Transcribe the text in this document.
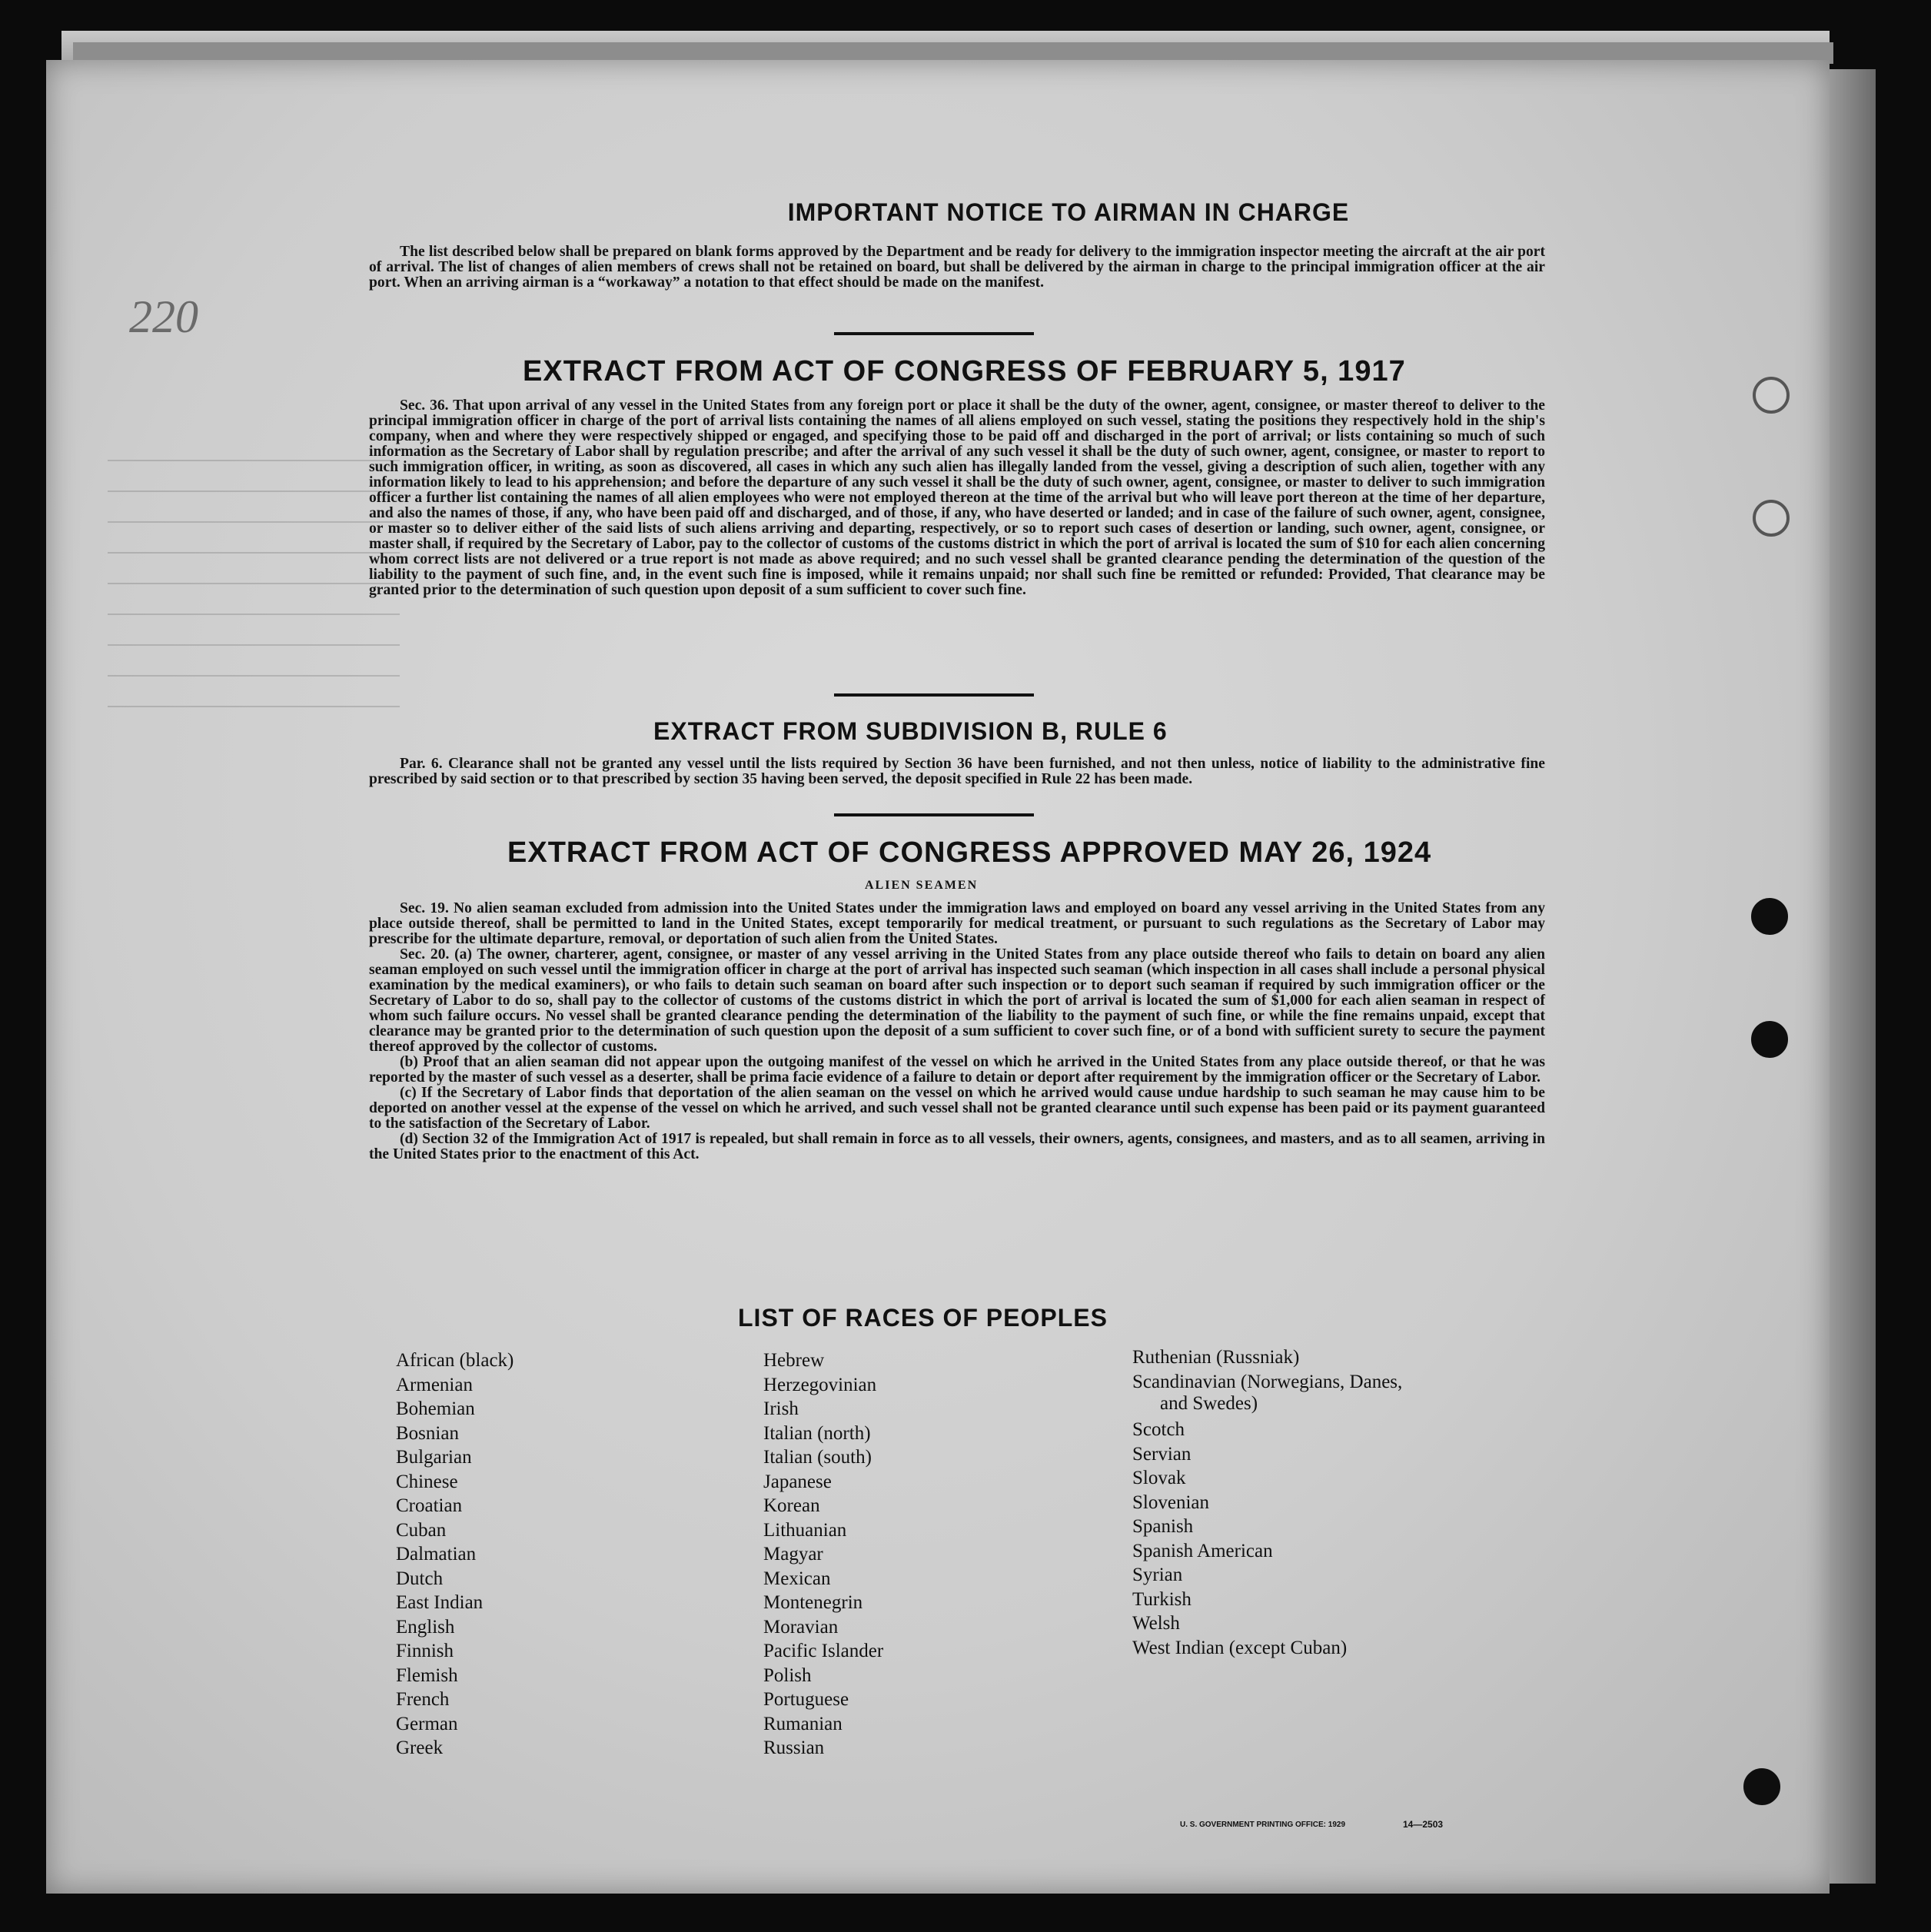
220
IMPORTANT NOTICE TO AIRMAN IN CHARGE

The list described below shall be prepared on blank forms approved by the Department and be ready for delivery to the immigration inspector meeting the aircraft at the air port of arrival. The list of changes of alien members of crews shall not be retained on board, but shall be delivered by the airman in charge to the principal immigration officer at the air port. When an arriving airman is a “workaway” a notation to that effect should be made on the manifest.

EXTRACT FROM ACT OF CONGRESS OF FEBRUARY 5, 1917

Sec. 36. That upon arrival of any vessel in the United States from any foreign port or place it shall be the duty of the owner, agent, consignee, or master thereof to deliver to the principal immigration officer in charge of the port of arrival lists containing the names of all aliens employed on such vessel, stating the positions they respectively hold in the ship's company, when and where they were respectively shipped or engaged, and specifying those to be paid off and discharged in the port of arrival; or lists containing so much of such information as the Secretary of Labor shall by regulation prescribe; and after the arrival of any such vessel it shall be the duty of such owner, agent, consignee, or master to report to such immigration officer, in writing, as soon as discovered, all cases in which any such alien has illegally landed from the vessel, giving a description of such alien, together with any information likely to lead to his apprehension; and before the departure of any such vessel it shall be the duty of such owner, agent, consignee, or master to deliver to such immigration officer a further list containing the names of all alien employees who were not employed thereon at the time of the arrival but who will leave port thereon at the time of her departure, and also the names of those, if any, who have been paid off and discharged, and of those, if any, who have deserted or landed; and in case of the failure of such owner, agent, consignee, or master so to deliver either of the said lists of such aliens arriving and departing, respectively, or so to report such cases of desertion or landing, such owner, agent, consignee, or master shall, if required by the Secretary of Labor, pay to the collector of customs of the customs district in which the port of arrival is located the sum of $10 for each alien concerning whom correct lists are not delivered or a true report is not made as above required; and no such vessel shall be granted clearance pending the determination of the question of the liability to the payment of such fine, and, in the event such fine is imposed, while it remains unpaid; nor shall such fine be remitted or refunded: Provided, That clearance may be granted prior to the determination of such question upon deposit of a sum sufficient to cover such fine.

EXTRACT FROM SUBDIVISION B, RULE 6

Par. 6. Clearance shall not be granted any vessel until the lists required by Section 36 have been furnished, and not then unless, notice of liability to the administrative fine prescribed by said section or to that prescribed by section 35 having been served, the deposit specified in Rule 22 has been made.

EXTRACT FROM ACT OF CONGRESS APPROVED MAY 26, 1924
ALIEN SEAMEN

Sec. 19. No alien seaman excluded from admission into the United States under the immigration laws and employed on board any vessel arriving in the United States from any place outside thereof, shall be permitted to land in the United States, except temporarily for medical treatment, or pursuant to such regulations as the Secretary of Labor may prescribe for the ultimate departure, removal, or deportation of such alien from the United States.

Sec. 20. (a) The owner, charterer, agent, consignee, or master of any vessel arriving in the United States from any place outside thereof who fails to detain on board any alien seaman employed on such vessel until the immigration officer in charge at the port of arrival has inspected such seaman (which inspection in all cases shall include a personal physical examination by the medical examiners), or who fails to detain such seaman on board after such inspection or to deport such seaman if required by such immigration officer or the Secretary of Labor to do so, shall pay to the collector of customs of the customs district in which the port of arrival is located the sum of $1,000 for each alien seaman in respect of whom such failure occurs. No vessel shall be granted clearance pending the determination of the liability to the payment of such fine, or while the fine remains unpaid, except that clearance may be granted prior to the determination of such question upon the deposit of a sum sufficient to cover such fine, or of a bond with sufficient surety to secure the payment thereof approved by the collector of customs.

(b) Proof that an alien seaman did not appear upon the outgoing manifest of the vessel on which he arrived in the United States from any place outside thereof, or that he was reported by the master of such vessel as a deserter, shall be prima facie evidence of a failure to detain or deport after requirement by the immigration officer or the Secretary of Labor.

(c) If the Secretary of Labor finds that deportation of the alien seaman on the vessel on which he arrived would cause undue hardship to such seaman he may cause him to be deported on another vessel at the expense of the vessel on which he arrived, and such vessel shall not be granted clearance until such expense has been paid or its payment guaranteed to the satisfaction of the Secretary of Labor.

(d) Section 32 of the Immigration Act of 1917 is repealed, but shall remain in force as to all vessels, their owners, agents, consignees, and masters, and as to all seamen, arriving in the United States prior to the enactment of this Act.

LIST OF RACES OF PEOPLES
African (black)
Armenian
Bohemian
Bosnian
Bulgarian
Chinese
Croatian
Cuban
Dalmatian
Dutch
East Indian
English
Finnish
Flemish
French
German
Greek
Hebrew
Herzegovinian
Irish
Italian (north)
Italian (south)
Japanese
Korean
Lithuanian
Magyar
Mexican
Montenegrin
Moravian
Pacific Islander
Polish
Portuguese
Rumanian
Russian
Ruthenian (Russniak)
Scandinavian (Norwegians, Danes,
and Swedes)
Scotch
Servian
Slovak
Slovenian
Spanish
Spanish American
Syrian
Turkish
Welsh
West Indian (except Cuban)
U. S. GOVERNMENT PRINTING OFFICE: 1929	14—2503
